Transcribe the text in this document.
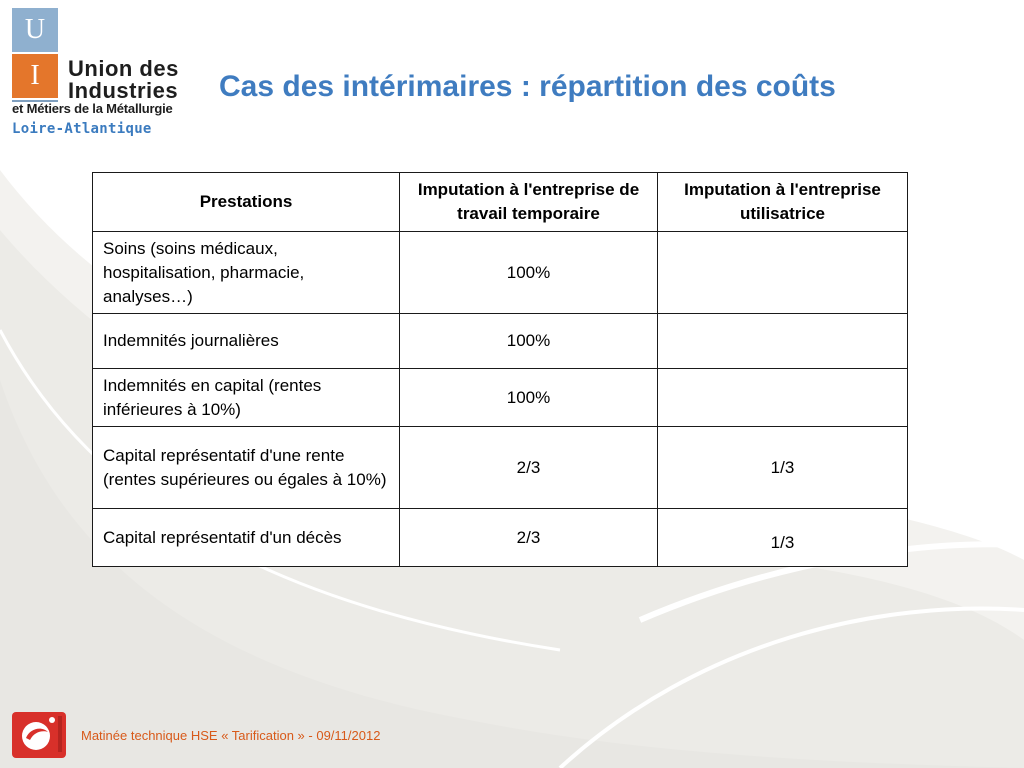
U
I	Union des
Industries
et Métiers de la Métallurgie
Loire-Atlantique
Cas des intérimaires : répartition des coûts
Prestations	Imputation à l'entreprise de travail temporaire	Imputation à l'entreprise utilisatrice
Soins (soins médicaux, hospitalisation, pharmacie, analyses…)	100%	
Indemnités journalières	100%	
Indemnités en capital (rentes inférieures à 10%)	100%	
Capital représentatif d'une rente (rentes supérieures ou égales à 10%)	2/3	1/3
Capital représentatif d'un décès	2/3	1/3
Matinée technique HSE « Tarification » - 09/11/2012
